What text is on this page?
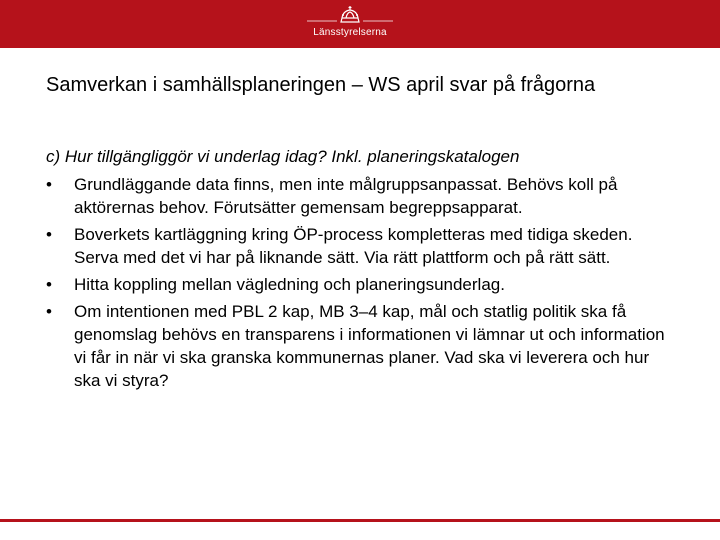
Länsstyrelserna
Samverkan i samhällsplaneringen – WS april svar på frågorna
c) Hur tillgängliggör vi underlag idag? Inkl. planeringskatalogen
•	Grundläggande data finns, men inte målgruppsanpassat. Behövs koll på aktörernas behov. Förutsätter gemensam begreppsapparat.
•	Boverkets kartläggning kring ÖP-process kompletteras med tidiga skeden. Serva med det vi har på liknande sätt. Via rätt plattform och på rätt sätt.
•	Hitta koppling mellan vägledning och planeringsunderlag.
•	Om intentionen med PBL 2 kap, MB 3–4 kap, mål och statlig politik ska få genomslag behövs en transparens i informationen vi lämnar ut och information vi får in när vi ska granska kommunernas planer. Vad ska vi leverera och hur ska vi styra?
